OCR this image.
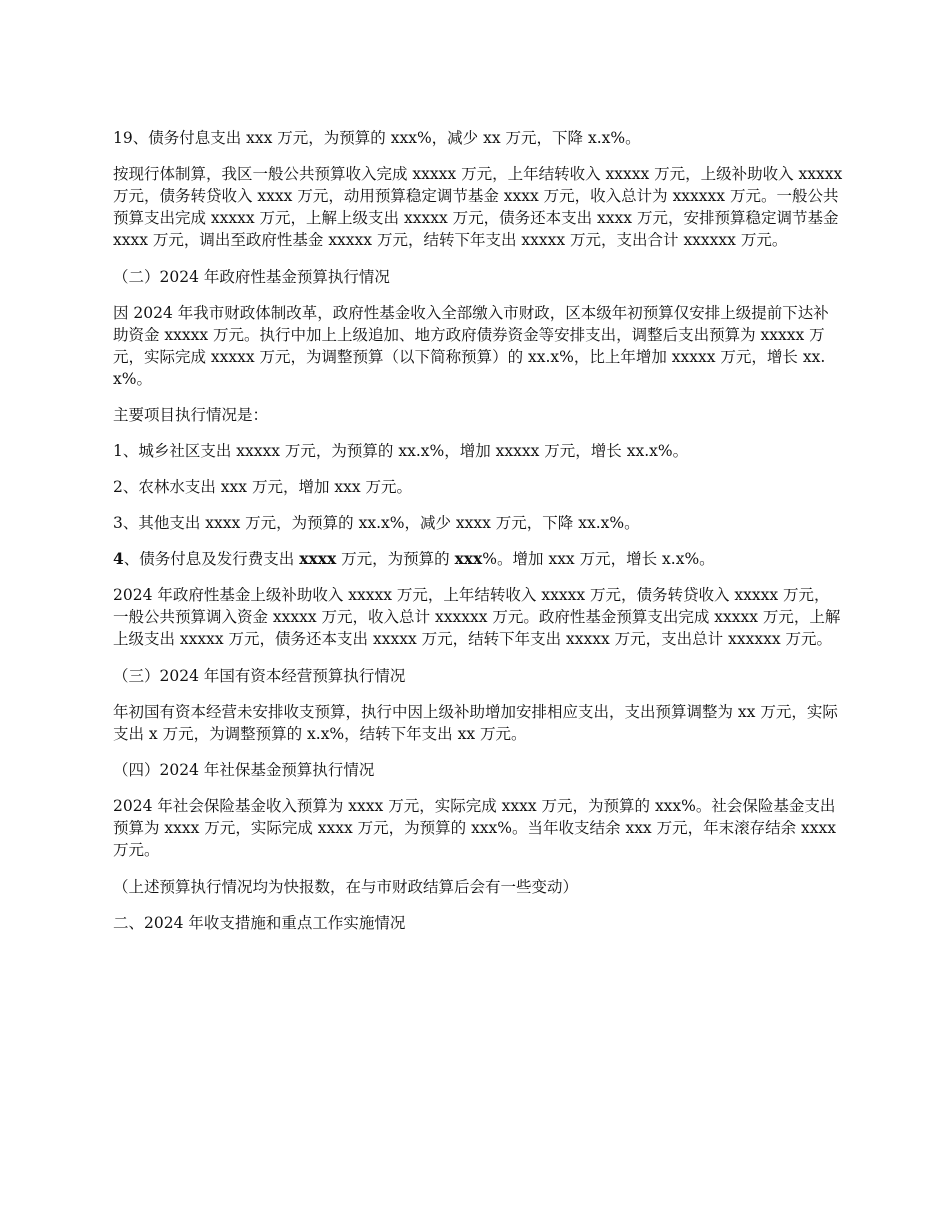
19、债务付息支出 xxx 万元，为预算的 xxx%，减少 xx 万元，下降 x.x%。

按现行体制算，我区一般公共预算收入完成 xxxxx 万元，上年结转收入 xxxxx 万元，上级补助收入 xxxxx 万元，债务转贷收入 xxxx 万元，动用预算稳定调节基金 xxxx 万元，收入总计为 xxxxxx 万元。一般公共预算支出完成 xxxxx 万元，上解上级支出 xxxxx 万元，债务还本支出 xxxx 万元，安排预算稳定调节基金 xxxx 万元，调出至政府性基金 xxxxx 万元，结转下年支出 xxxxx 万元，支出合计 xxxxxx 万元。

（二）2024 年政府性基金预算执行情况

因 2024 年我市财政体制改革，政府性基金收入全部缴入市财政，区本级年初预算仅安排上级提前下达补助资金 xxxxx 万元。执行中加上上级追加、地方政府债券资金等安排支出，调整后支出预算为 xxxxx 万元，实际完成 xxxxx 万元，为调整预算（以下简称预算）的 xx.x%，比上年增加 xxxxx 万元，增长 xx.x%。

主要项目执行情况是：

1、城乡社区支出 xxxxx 万元，为预算的 xx.x%，增加 xxxxx 万元，增长 xx.x%。

2、农林水支出 xxx 万元，增加 xxx 万元。

3、其他支出 xxxx 万元，为预算的 xx.x%，减少 xxxx 万元，下降 xx.x%。

4、债务付息及发行费支出 xxxx 万元，为预算的 xxx%。增加 xxx 万元，增长 x.x%。

2024 年政府性基金上级补助收入 xxxxx 万元，上年结转收入 xxxxx 万元，债务转贷收入 xxxxx 万元，一般公共预算调入资金 xxxxx 万元，收入总计 xxxxxx 万元。政府性基金预算支出完成 xxxxx 万元，上解上级支出 xxxxx 万元，债务还本支出 xxxxx 万元，结转下年支出 xxxxx 万元，支出总计 xxxxxx 万元。

（三）2024 年国有资本经营预算执行情况

年初国有资本经营未安排收支预算，执行中因上级补助增加安排相应支出，支出预算调整为 xx 万元，实际支出 x 万元，为调整预算的 x.x%，结转下年支出 xx 万元。

（四）2024 年社保基金预算执行情况

2024 年社会保险基金收入预算为 xxxx 万元，实际完成 xxxx 万元，为预算的 xxx%。社会保险基金支出预算为 xxxx 万元，实际完成 xxxx 万元，为预算的 xxx%。当年收支结余 xxx 万元，年末滚存结余 xxxx 万元。

（上述预算执行情况均为快报数，在与市财政结算后会有一些变动）

二、2024 年收支措施和重点工作实施情况
